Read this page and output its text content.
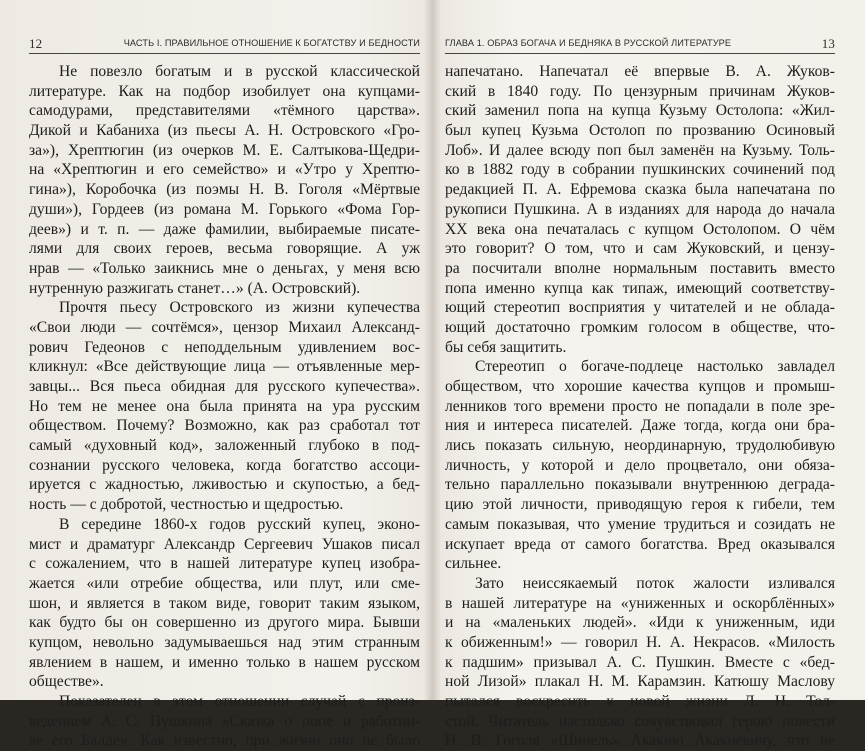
12	ЧАСТЬ I. ПРАВИЛЬНОЕ ОТНОШЕНИЕ К БОГАТСТВУ И БЕДНОСТИ
Не повезло богатым и в русской классической
литературе. Как на подбор изобилует она купцами-
самодурами, представителями «тёмного царства».
Дикой и Кабаниха (из пьесы А. Н. Островского «Гро-
за»), Хрептюгин (из очерков М. Е. Салтыкова-Щедри-
на «Хрептюгин и его семейство» и «Утро у Хрептю-
гина»), Коробочка (из поэмы Н. В. Гоголя «Мёртвые
души»), Гордеев (из романа М. Горького «Фома Гор-
деев») и т. п. — даже фамилии, выбираемые писате-
лями для своих героев, весьма говорящие. А уж
нрав — «Только заикнись мне о деньгах, у меня всю
нутренную разжигать станет…» (А. Островский).
Прочтя пьесу Островского из жизни купечества
«Свои люди — сочтёмся», цензор Михаил Александ-
рович Гедеонов с неподдельным удивлением вос-
кликнул: «Все действующие лица — отъявленные мер-
завцы... Вся пьеса обидная для русского купечества».
Но тем не менее она была принята на ура русским
обществом. Почему? Возможно, как раз сработал тот
самый «духовный код», заложенный глубоко в под-
сознании русского человека, когда богатство ассоци-
ируется с жадностью, лживостью и скупостью, а бед-
ность — с добротой, честностью и щедростью.
В середине 1860-х годов русский купец, эконо-
мист и драматург Александр Сергеевич Ушаков писал
с сожалением, что в нашей литературе купец изобра-
жается «или отребие общества, или плут, или сме-
шон, и является в таком виде, говорит таким языком,
как будто бы он совершенно из другого мира. Бывши
купцом, невольно задумываешься над этим странным
явлением в нашем, и именно только в нашем русском
обществе».
Показателен в этом отношении случай с произ-
ведением А. С. Пушкина «Сказка о попе и работни-
ке его Балде». Как известно, при жизни оно не было
ГЛАВА 1. ОБРАЗ БОГАЧА И БЕДНЯКА В РУССКОЙ ЛИТЕРАТУРЕ	13
напечатано. Напечатал её впервые В. А. Жуков-
ский в 1840 году. По цензурным причинам Жуков-
ский заменил попа на купца Кузьму Остолопа: «Жил-
был купец Кузьма Остолоп по прозванию Осиновый
Лоб». И далее всюду поп был заменён на Кузьму. Толь-
ко в 1882 году в собрании пушкинских сочинений под
редакцией П. А. Ефремова сказка была напечатана по
рукописи Пушкина. А в изданиях для народа до начала
XX века она печаталась с купцом Остолопом. О чём
это говорит? О том, что и сам Жуковский, и цензу-
ра посчитали вполне нормальным поставить вместо
попа именно купца как типаж, имеющий соответству-
ющий стереотип восприятия у читателей и не облада-
ющий достаточно громким голосом в обществе, что-
бы себя защитить.
Стереотип о богаче-подлеце настолько завладел
обществом, что хорошие качества купцов и промыш-
ленников того времени просто не попадали в поле зре-
ния и интереса писателей. Даже тогда, когда они бра-
лись показать сильную, неординарную, трудолюбивую
личность, у которой и дело процветало, они обяза-
тельно параллельно показывали внутреннюю деграда-
цию этой личности, приводящую героя к гибели, тем
самым показывая, что умение трудиться и созидать не
искупает вреда от самого богатства. Вред оказывался
сильнее.
Зато неиссякаемый поток жалости изливался
в нашей литературе на «униженных и оскорблённых»
и на «маленьких людей». «Иди к униженным, иди
к обиженным!» — говорил Н. А. Некрасов. «Милость
к падшим» призывал А. С. Пушкин. Вместе с «бед-
ной Лизой» плакал Н. М. Карамзин. Катюшу Маслову
пытался воскресить к новой жизни Л. Н. Тол-
стой. Читатель настолько сочувствовал герою повести
Н. В. Гоголя «Шинель» Акакию Акакиевичу, что не
